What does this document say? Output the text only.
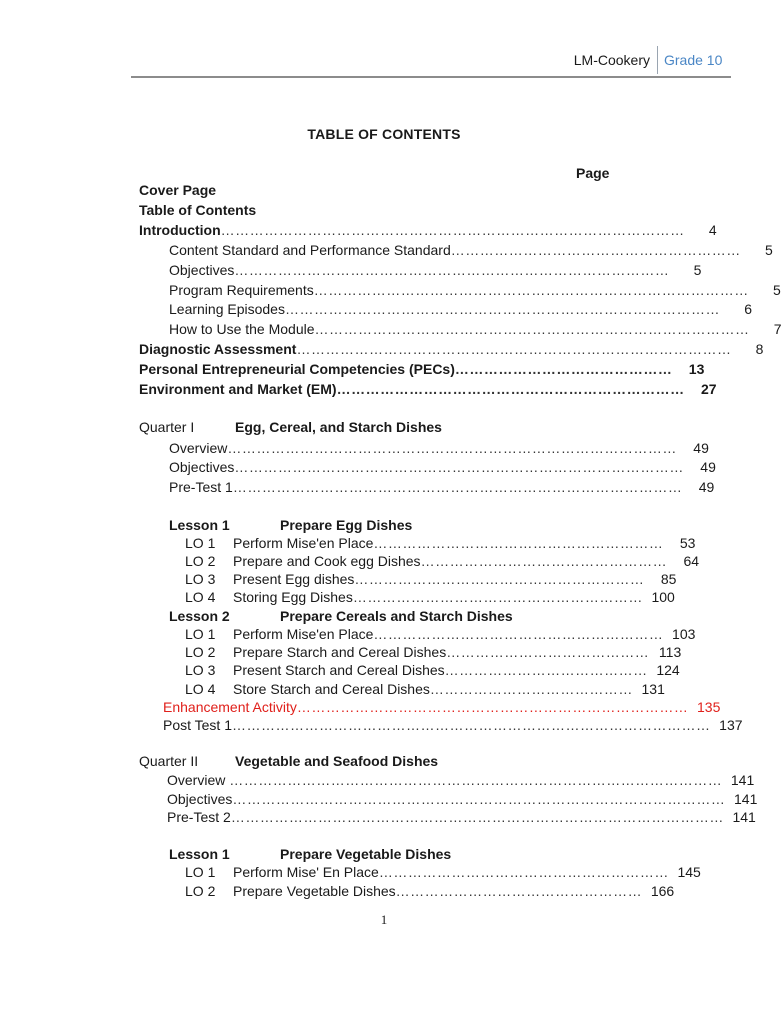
LM-Cookery Grade 10
TABLE OF CONTENTS
Page
Cover Page
Table of Contents
Introduction……………………………………………………………………………………	4
Content Standard and Performance Standard……………………………………………………	5
Objectives………………………………………………………………………………	5
Program Requirements………………………………………………………………………………	5
Learning Episodes………………………………………………………………………………	6
How to Use the Module………………………………………………………………………………	7
Diagnostic Assessment………………………………………………………………………………	8
Personal Entrepreneurial Competencies (PECs)………………………………………	13
Environment and Market (EM)………………………………………………………………	27
Quarter I	Egg, Cereal, and Starch Dishes
Overview…………………………………………………………………………………	49
Objectives…………………………………………………………………………………	49
Pre-Test 1…………………………………………………………………………………	49
Lesson 1	Prepare Egg Dishes
LO 1 Perform Mise'en Place……………………………………………………	53
LO 2 Prepare and Cook egg Dishes……………………………………………	64
LO 3 Present Egg dishes……………………………………………………	85
LO 4 Storing Egg Dishes…………………………………………………… 100
Lesson 2	Prepare Cereals and Starch Dishes
LO 1 Perform Mise'en Place…………………………………………………… 103
LO 2 Prepare Starch and Cereal Dishes…………………………………… 113
LO 3 Present Starch and Cereal Dishes…………………………………… 124
LO 4 Store Starch and Cereal Dishes…………………………………… 131
Enhancement Activity……………………………………………………………………… 135
Post Test 1……………………………………………………………………………………… 137
Quarter II	Vegetable and Seafood Dishes
Overview ………………………………………………………………………………………… 141
Objectives………………………………………………………………………………………… 141
Pre-Test 2………………………………………………………………………………………… 141
Lesson 1	Prepare Vegetable Dishes
LO 1 Perform Mise' En Place…………………………………………………… 145
LO 2 Prepare Vegetable Dishes…………………………………………… 166
1
